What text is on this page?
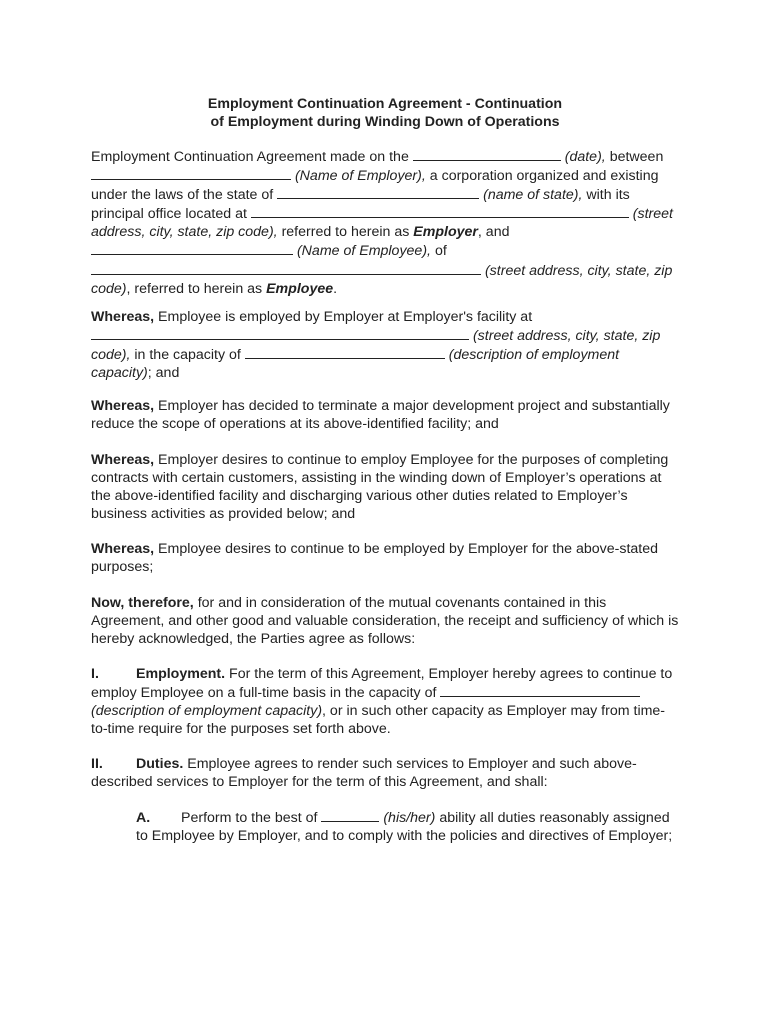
Employment Continuation Agreement - Continuation
of Employment during Winding Down of Operations
Employment Continuation Agreement made on the	(date), between  (Name of Employer), a corporation organized and existing under the laws of the state of	(name of state), with its principal office located at	(street address, city, state, zip code), referred to herein as Employer, and  (Name of Employee), of  (street address, city, state, zip code), referred to herein as Employee.
Whereas, Employee is employed by Employer at Employer's facility at  (street address, city, state, zip code), in the capacity of	(description of employment capacity); and
Whereas, Employer has decided to terminate a major development project and substantially reduce the scope of operations at its above-identified facility; and
Whereas, Employer desires to continue to employ Employee for the purposes of completing contracts with certain customers, assisting in the winding down of Employer’s operations at the above-identified facility and discharging various other duties related to Employer’s business activities as provided below; and
Whereas, Employee desires to continue to be employed by Employer for the above-stated purposes;
Now, therefore, for and in consideration of the mutual covenants contained in this Agreement, and other good and valuable consideration, the receipt and sufficiency of which is hereby acknowledged, the Parties agree as follows:
I.	Employment. For the term of this Agreement, Employer hereby agrees to continue to employ Employee on a full-time basis in the capacity of  (description of employment capacity), or in such other capacity as Employer may from time-to-time require for the purposes set forth above.
II. Duties. Employee agrees to render such services to Employer and such above-described services to Employer for the term of this Agreement, and shall:
A. Perform to the best of	(his/her) ability all duties reasonably assigned to Employee by Employer, and to comply with the policies and directives of Employer;
